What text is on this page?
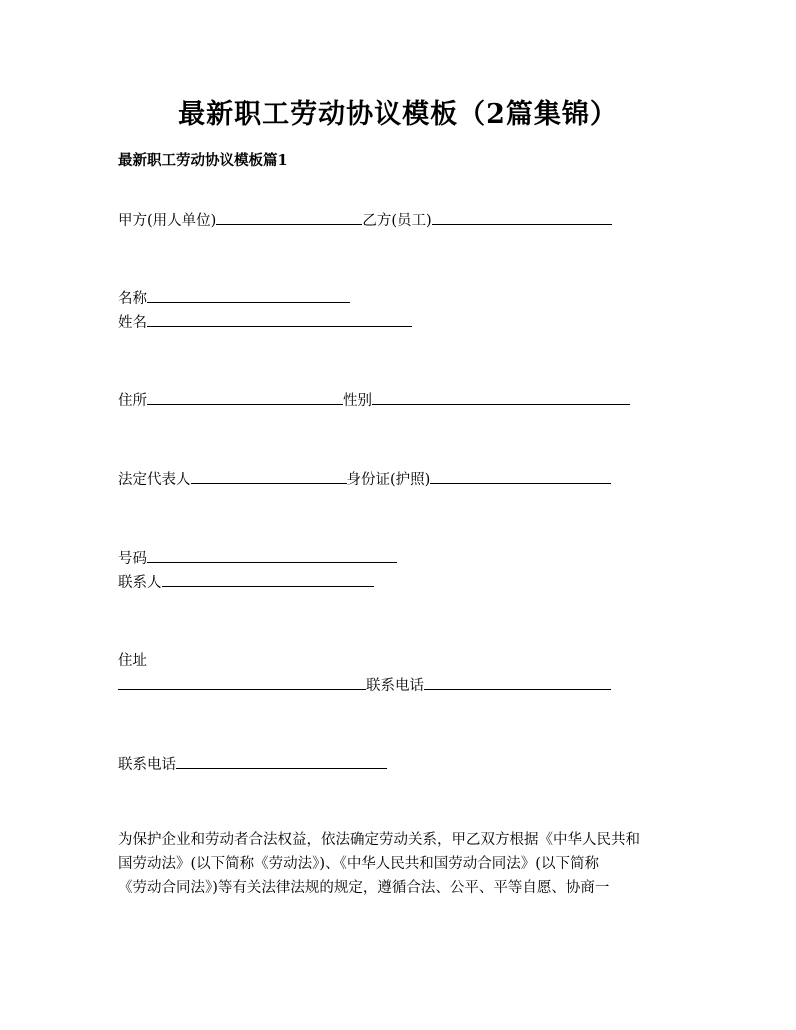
最新职工劳动协议模板（2篇集锦）
最新职工劳动协议模板篇1
甲方(用人单位)	乙方(员工)
名称
姓名
住所	性别
法定代表人	身份证(护照)
号码
联系人
住址
联系电话
联系电话
为保护企业和劳动者合法权益，依法确定劳动关系，甲乙双方根据《中华人民共和
国劳动法》(以下简称《劳动法》)、《中华人民共和国劳动合同法》(以下简称
《劳动合同法》)等有关法律法规的规定，遵循合法、公平、平等自愿、协商一
